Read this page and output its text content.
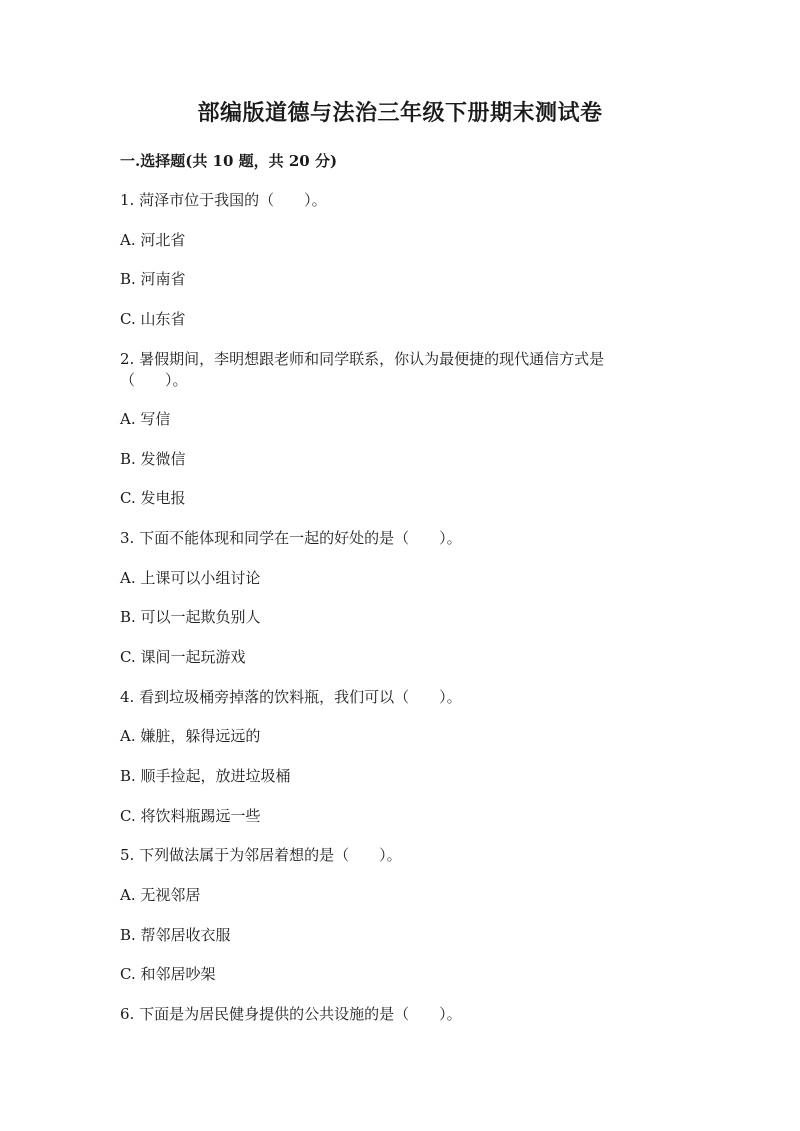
部编版道德与法治三年级下册期末测试卷
一.选择题(共 10 题，共 20 分)
1. 菏泽市位于我国的（　　）。
A. 河北省
B. 河南省
C. 山东省
2. 暑假期间，李明想跟老师和同学联系，你认为最便捷的现代通信方式是
（　　）。
A. 写信
B. 发微信
C. 发电报
3. 下面不能体现和同学在一起的好处的是（　　）。
A. 上课可以小组讨论
B. 可以一起欺负别人
C. 课间一起玩游戏
4. 看到垃圾桶旁掉落的饮料瓶，我们可以（　　）。
A. 嫌脏，躲得远远的
B. 顺手捡起，放进垃圾桶
C. 将饮料瓶踢远一些
5. 下列做法属于为邻居着想的是（　　）。
A. 无视邻居
B. 帮邻居收衣服
C. 和邻居吵架
6. 下面是为居民健身提供的公共设施的是（　　）。
